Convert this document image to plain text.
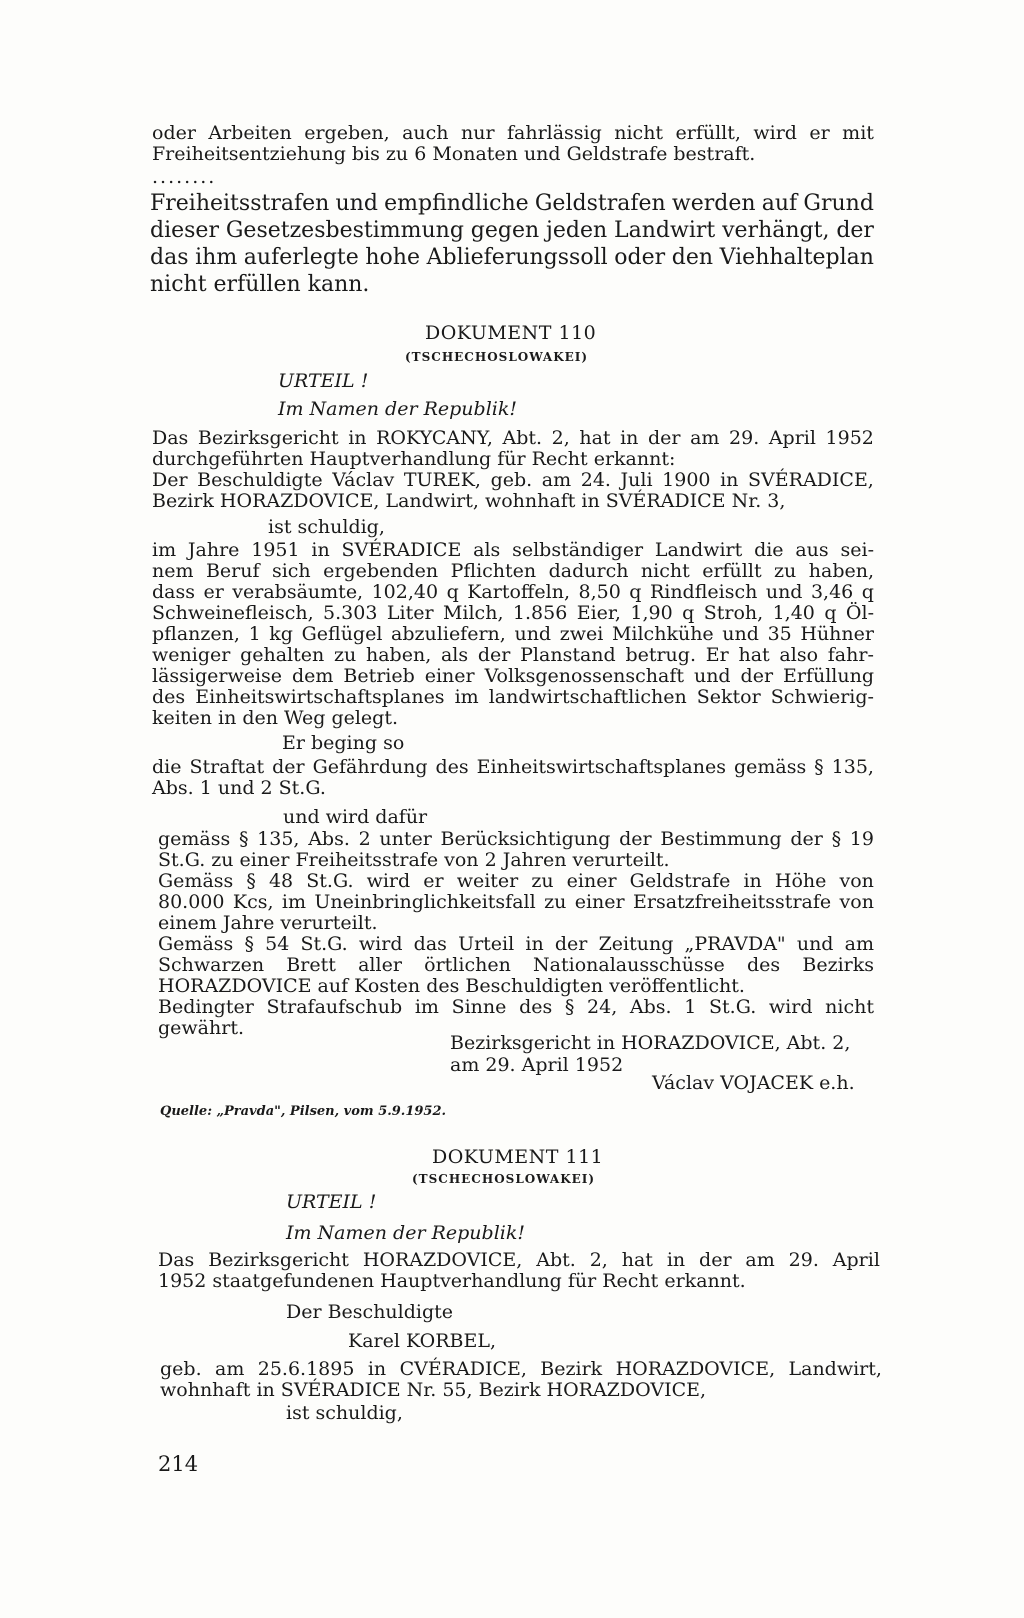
oder Arbeiten ergeben, auch nur fahrlässig nicht erfüllt, wird er mit
Freiheitsentziehung bis zu 6 Monaten und Geldstrafe bestraft.
........
Freiheitsstrafen und empfindliche Geldstrafen werden auf Grund
dieser Gesetzesbestimmung gegen jeden Landwirt verhängt, der
das ihm auferlegte hohe Ablieferungssoll oder den Viehhalteplan
nicht erfüllen kann.
DOKUMENT 110
(TSCHECHOSLOWAKEI)
URTEIL !
Im Namen der Republik!
Das Bezirksgericht in ROKYCANY, Abt. 2, hat in der am 29. April 1952
durchgeführten Hauptverhandlung für Recht erkannt:
Der Beschuldigte Václav TUREK, geb. am 24. Juli 1900 in SVÉRADICE,
Bezirk HORAZDOVICE, Landwirt, wohnhaft in SVÉRADICE Nr. 3,
ist schuldig,
im Jahre 1951 in SVÉRADICE als selbständiger Landwirt die aus sei-
nem Beruf sich ergebenden Pflichten dadurch nicht erfüllt zu haben,
dass er verabsäumte, 102,40 q Kartoffeln, 8,50 q Rindfleisch und 3,46 q
Schweinefleisch, 5.303 Liter Milch, 1.856 Eier, 1,90 q Stroh, 1,40 q Öl-
pflanzen, 1 kg Geflügel abzuliefern, und zwei Milchkühe und 35 Hühner
weniger gehalten zu haben, als der Planstand betrug. Er hat also fahr-
lässigerweise dem Betrieb einer Volksgenossenschaft und der Erfüllung
des Einheitswirtschaftsplanes im landwirtschaftlichen Sektor Schwierig-
keiten in den Weg gelegt.
Er beging so
die Straftat der Gefährdung des Einheitswirtschaftsplanes gemäss § 135,
Abs. 1 und 2 St.G.
und wird dafür
gemäss § 135, Abs. 2 unter Berücksichtigung der Bestimmung der § 19
St.G. zu einer Freiheitsstrafe von 2 Jahren verurteilt.
Gemäss § 48 St.G. wird er weiter zu einer Geldstrafe in Höhe von
80.000 Kcs, im Uneinbringlichkeitsfall zu einer Ersatzfreiheitsstrafe von
einem Jahre verurteilt.
Gemäss § 54 St.G. wird das Urteil in der Zeitung „PRAVDA" und am
Schwarzen Brett aller örtlichen Nationalausschüsse des Bezirks
HORAZDOVICE auf Kosten des Beschuldigten veröffentlicht.
Bedingter Strafaufschub im Sinne des § 24, Abs. 1 St.G. wird nicht
gewährt.
Bezirksgericht in HORAZDOVICE, Abt. 2,
am 29. April 1952
Václav VOJACEK e.h.
Quelle: „Pravda", Pilsen, vom 5.9.1952.
DOKUMENT 111
(TSCHECHOSLOWAKEI)
URTEIL !
Im Namen der Republik!
Das Bezirksgericht HORAZDOVICE, Abt. 2, hat in der am 29. April
1952 staatgefundenen Hauptverhandlung für Recht erkannt.
Der Beschuldigte
Karel KORBEL,
geb. am 25.6.1895 in CVÉRADICE, Bezirk HORAZDOVICE, Landwirt,
wohnhaft in SVÉRADICE Nr. 55, Bezirk HORAZDOVICE,
ist schuldig,
214
